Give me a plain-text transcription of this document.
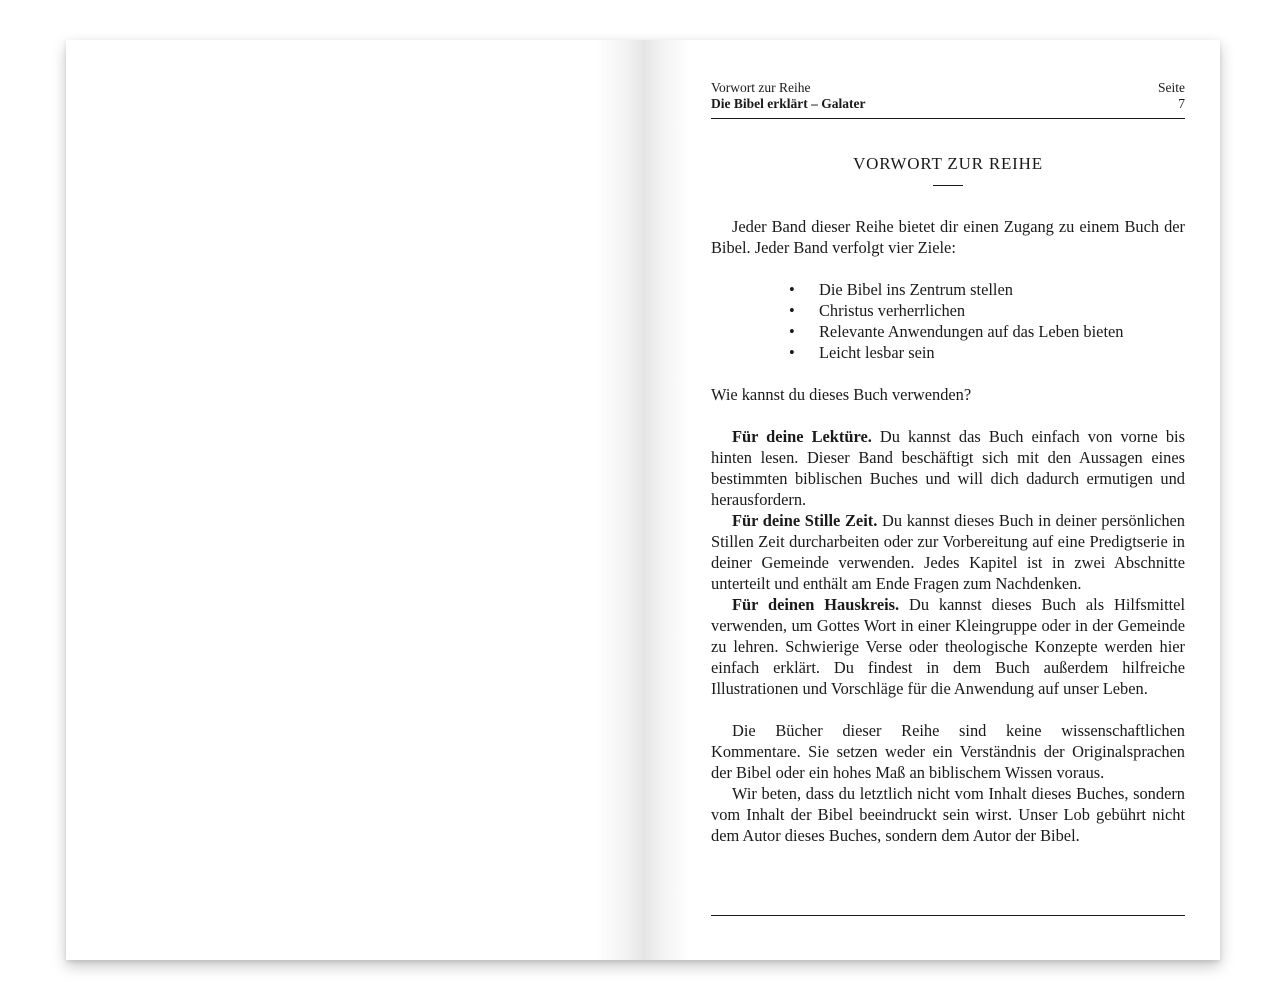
Vorwort zur Reihe
Die Bibel erklärt – Galater
Seite
7
VORWORT ZUR REIHE

Jeder Band dieser Reihe bietet dir einen Zugang zu einem Buch der Bibel. Jeder Band verfolgt vier Ziele:

• Die Bibel ins Zentrum stellen
• Christus verherrlichen
• Relevante Anwendungen auf das Leben bieten
• Leicht lesbar sein

Wie kannst du dieses Buch verwenden?

Für deine Lektüre. Du kannst das Buch einfach von vorne bis hinten lesen. Dieser Band beschäftigt sich mit den Aussagen eines bestimmten biblischen Buches und will dich dadurch ermutigen und herausfordern.

Für deine Stille Zeit. Du kannst dieses Buch in deiner persönlichen Stillen Zeit durcharbeiten oder zur Vorbereitung auf eine Predigtserie in deiner Gemeinde verwenden. Jedes Kapitel ist in zwei Abschnitte unterteilt und enthält am Ende Fragen zum Nachdenken.

Für deinen Hauskreis. Du kannst dieses Buch als Hilfsmittel verwenden, um Gottes Wort in einer Kleingruppe oder in der Gemeinde zu lehren. Schwierige Verse oder theologische Konzepte werden hier einfach erklärt. Du findest in dem Buch außerdem hilfreiche Illustrationen und Vorschläge für die Anwendung auf unser Leben.

Die Bücher dieser Reihe sind keine wissenschaftlichen Kommentare. Sie setzen weder ein Verständnis der Originalsprachen der Bibel oder ein hohes Maß an biblischem Wissen voraus.

Wir beten, dass du letztlich nicht vom Inhalt dieses Buches, sondern vom Inhalt der Bibel beeindruckt sein wirst. Unser Lob gebührt nicht dem Autor dieses Buches, sondern dem Autor der Bibel.
